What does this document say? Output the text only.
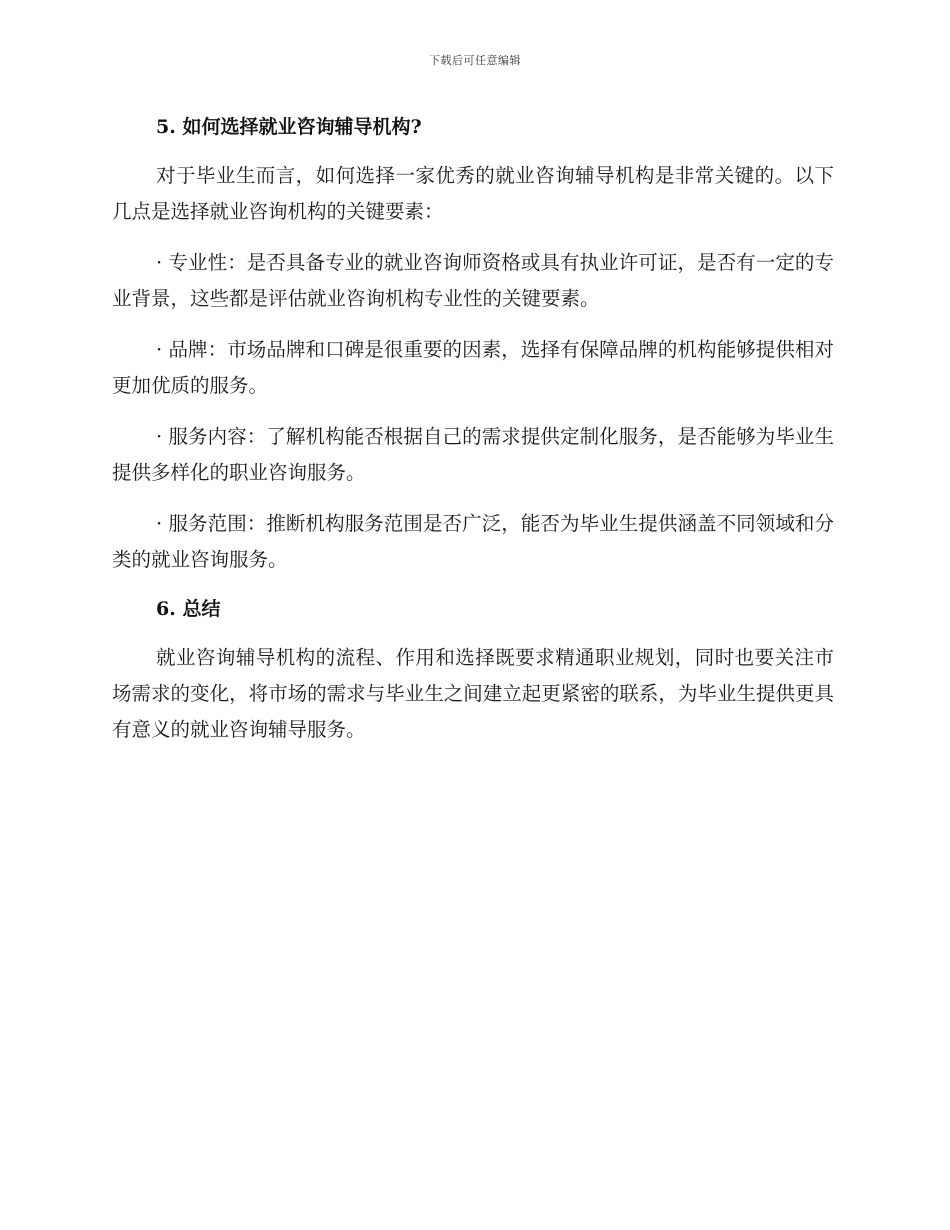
下载后可任意编辑
5. 如何选择就业咨询辅导机构?

对于毕业生而言，如何选择一家优秀的就业咨询辅导机构是非常关键的。以下几点是选择就业咨询机构的关键要素：

· 专业性：是否具备专业的就业咨询师资格或具有执业许可证，是否有一定的专业背景，这些都是评估就业咨询机构专业性的关键要素。

· 品牌：市场品牌和口碑是很重要的因素，选择有保障品牌的机构能够提供相对更加优质的服务。

· 服务内容：了解机构能否根据自己的需求提供定制化服务，是否能够为毕业生提供多样化的职业咨询服务。

· 服务范围：推断机构服务范围是否广泛，能否为毕业生提供涵盖不同领域和分类的就业咨询服务。

6. 总结

就业咨询辅导机构的流程、作用和选择既要求精通职业规划，同时也要关注市场需求的变化，将市场的需求与毕业生之间建立起更紧密的联系，为毕业生提供更具有意义的就业咨询辅导服务。
